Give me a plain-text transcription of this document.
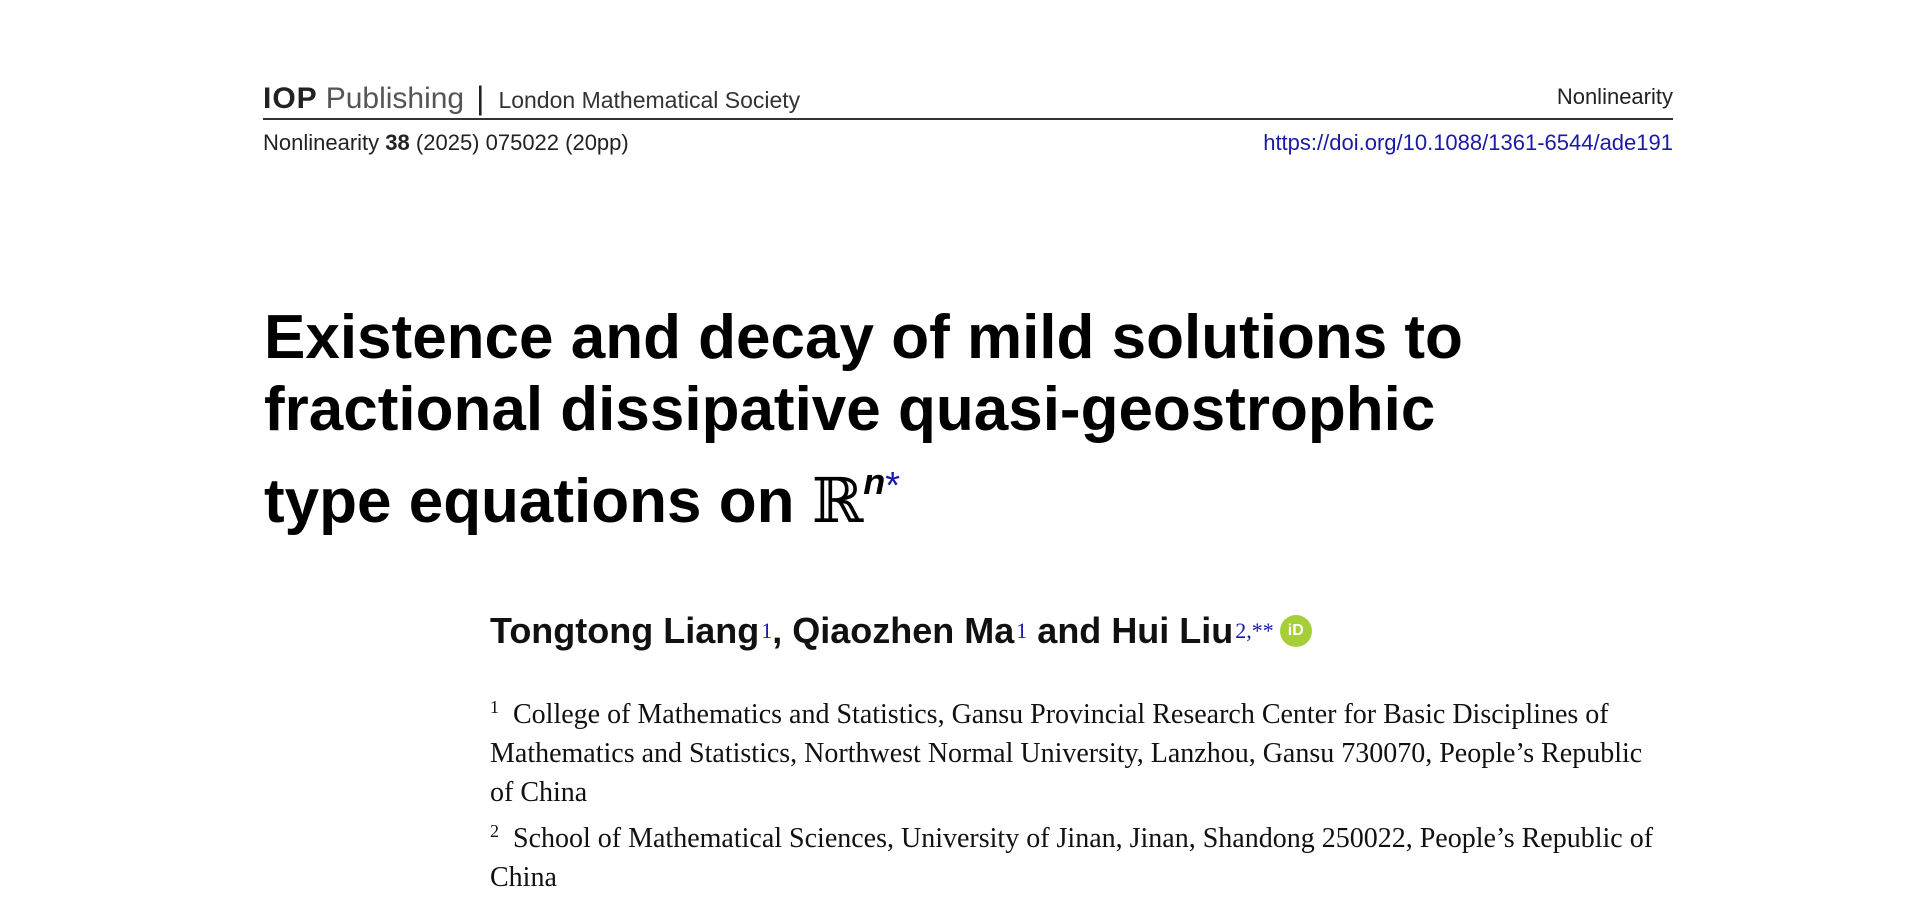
IOP Publishing | London Mathematical Society	Nonlinearity
Nonlinearity 38 (2025) 075022 (20pp)	https://doi.org/10.1088/1361-6544/ade191
Existence and decay of mild solutions to
fractional dissipative quasi-geostrophic
type equations on ℝ$^{n*}$
Tongtong Liang 1 , Qiaozhen Ma 1 and Hui Liu 2,** iD
$^1$ College of Mathematics and Statistics, Gansu Provincial Research Center for Basic Disciplines of Mathematics and Statistics, Northwest Normal University, Lanzhou, Gansu 730070, People’s Republic of China
$^2$ School of Mathematical Sciences, University of Jinan, Jinan, Shandong 250022, People’s Republic of China
